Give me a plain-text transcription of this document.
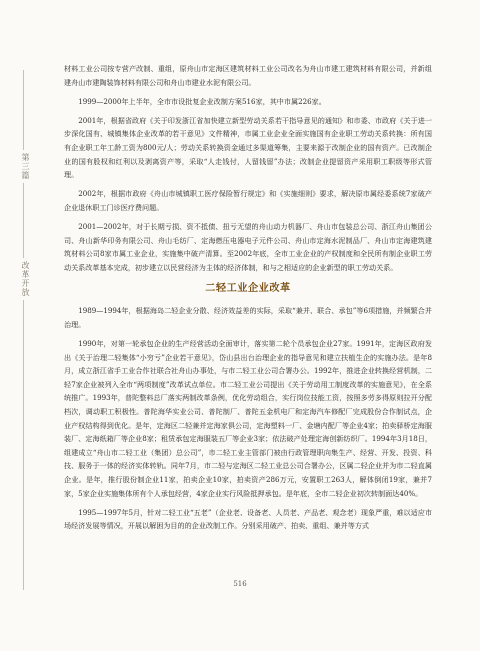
第三篇
改革开放

材料工业公司按专营产改制、重组，原舟山市定海区建筑材料工业公司改名为舟山市建工建筑材料有限公司，并新组建舟山市建陶装饰材料有限公司和舟山市建业水泥有限公司。

1999—2000年上半年，全市市设批复企业改制方案516家，其中市属226家。

2001年，根据省政府《关于印发浙江省加快建立新型劳动关系若干指导意见的通知》和市委、市政府《关于进一步深化国有、城镇集体企业改革的若干意见》文件精神，市属工业企业全面实施国有企业职工劳动关系转换：所有国有企业职工年工龄工资为800元/人；劳动关系转换资金通过多渠道筹集，主要来源于改制企业的国有资产。已改制企业的国有股权和红利以及剥离资产等，采取“人走钱付，人留钱留”办法；改制企业提留资产采用职工职级等形式管理。

2002年，根据市政府《舟山市城镇职工医疗保险暂行规定》和《实施细则》要求，解决原市属经委系统7家破产企业退休职工门诊医疗费问题。

2001—2002年，对于长期亏损、资不抵债、扭亏无望的舟山动力机器厂、舟山市包装总公司、浙江舟山集团公司、舟山新华印务有限公司、舟山毛纺厂、定海燃压电器电子元件公司、舟山市定海水泥制品厂、舟山市定海建筑建筑材料公司8家市属工业企业，实施集中破产清算。至2002年底，全市工业企业的产权制度和全民所有制企业职工劳动关系改革基本完成，初步建立以民营经济为主体的经济体制，和与之相适应的企业新型的职工劳动关系。

二轻工业企业改革

1989—1994年，根据海岛二轻企业分散、经济效益差的实际，采取“兼并、联合、承包”等6项措施，并频繁合并治理。

1990年，对第一轮承包企业的生产经营活动全面审计，落实第二轮个员承包企业27家。1991年，定海区政府发出《关于治理二轻集体“小穷亏”企业若干意见》，岱山县出台治理企业的指导意见和建立扶植生企的实施办法。是年8月，成立浙江省手工业合作社联合社舟山办事处，与市二轻工业公司合署办公。1992年，推进企业转换经营机制，二轻7家企业被列入全市“两项制度”改革试点单位。市二轻工业公司提出《关于劳动用工制度改革的实施意见》，在全系统推广。1993年，普陀整料总厂落实两制改革条例，优化劳动组合，实行岗位技能工资，按照多劳多得原则拉开分配档次，调动职工积极性。普陀海华实业公司、普陀制厂、普陀五金机电厂和定海汽车修配厂完成股份合作制试点，企业产权结构得到优化。是年，定海区二轻兼并定海家俱公司，定海塑料一厂、金塘内配厂等企业4家；拍卖驿桥定海服装厂、定海纸箱厂等企业8家；租赁承包定海服装五厂等企业3家；依法破产处理定海创新纺织厂。1994年3月18日，组建成立“舟山市二轻工业（集团）总公司”，市二轻工业主管部门被由行政管理职向集生产、经营、开发、投资、科技、服务于一体的经济实体转轨。同年7月，市二轻与定海区二轻工业总公司合署办公，区属二轻企业并为市二轻直属企业。是年，推行股份制企业11家，拍卖企业10家，拍卖资产286万元，安置职工263人，解体倒闭19家，兼并7家，5家企业实施集体所有个人承包经营，4家企业实行风险抵押承包。是年底，全市二轻企业初次转制面达40%。

1995—1997年5月，针对二轻工业“五老”（企业老、设备老、人员老、产品老、观念老）现象严重，难以适应市场经济发展等情况，开展以解困为目的的企业改制工作。分别采用破产、拍卖、重组、兼并等方式

516
